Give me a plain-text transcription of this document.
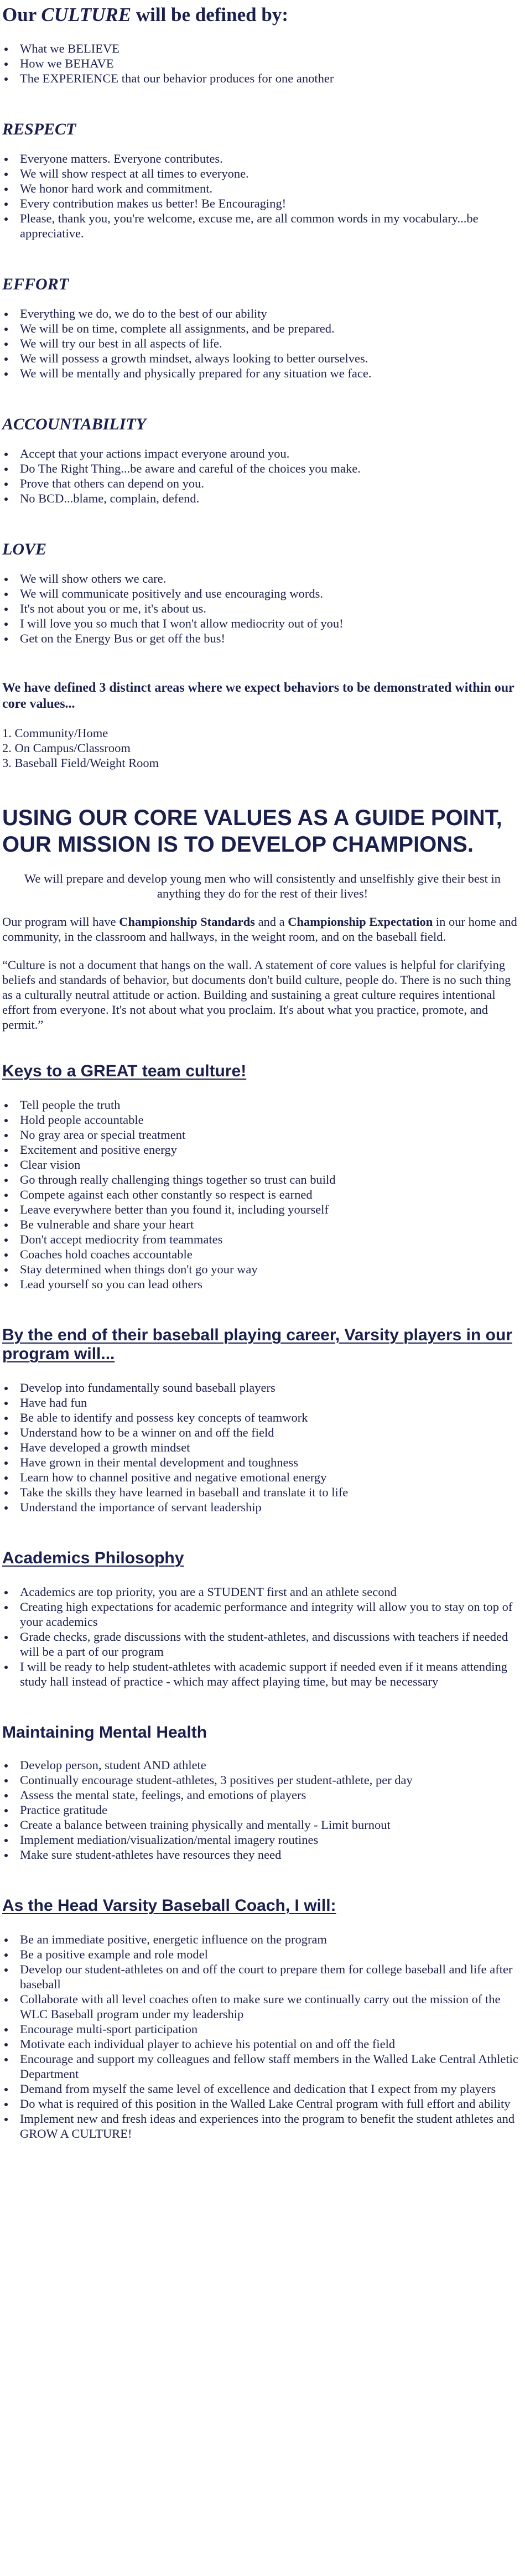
Our CULTURE will be defined by:
What we BELIEVE
How we BEHAVE
The EXPERIENCE that our behavior produces for one another
RESPECT
Everyone matters. Everyone contributes.
We will show respect at all times to everyone.
We honor hard work and commitment.
Every contribution makes us better! Be Encouraging!
Please, thank you, you're welcome, excuse me, are all common words in my vocabulary...be appreciative.
EFFORT
Everything we do, we do to the best of our ability
We will be on time, complete all assignments, and be prepared.
We will try our best in all aspects of life.
We will possess a growth mindset, always looking to better ourselves.
We will be mentally and physically prepared for any situation we face.
ACCOUNTABILITY
Accept that your actions impact everyone around you.
Do The Right Thing...be aware and careful of the choices you make.
Prove that others can depend on you.
No BCD...blame, complain, defend.
LOVE
We will show others we care.
We will communicate positively and use encouraging words.
It's not about you or me, it's about us.
I will love you so much that I won't allow mediocrity out of you!
Get on the Energy Bus or get off the bus!

We have defined 3 distinct areas where we expect behaviors to be demonstrated within our core values...

1. Community/Home
2. On Campus/Classroom
3. Baseball Field/Weight Room
USING OUR CORE VALUES AS A GUIDE POINT, OUR MISSION IS TO DEVELOP CHAMPIONS.

We will prepare and develop young men who will consistently and unselfishly give their best in anything they do for the rest of their lives!

Our program will have Championship Standards and a Championship Expectation in our home and community, in the classroom and hallways, in the weight room, and on the baseball field.

“Culture is not a document that hangs on the wall. A statement of core values is helpful for clarifying beliefs and standards of behavior, but documents don't build culture, people do. There is no such thing as a culturally neutral attitude or action. Building and sustaining a great culture requires intentional effort from everyone. It's not about what you proclaim. It's about what you practice, promote, and permit.”

Keys to a GREAT team culture!
Tell people the truth
Hold people accountable
No gray area or special treatment
Excitement and positive energy
Clear vision
Go through really challenging things together so trust can build
Compete against each other constantly so respect is earned
Leave everywhere better than you found it, including yourself
Be vulnerable and share your heart
Don't accept mediocrity from teammates
Coaches hold coaches accountable
Stay determined when things don't go your way
Lead yourself so you can lead others
By the end of their baseball playing career, Varsity players in our program will...
Develop into fundamentally sound baseball players
Have had fun
Be able to identify and possess key concepts of teamwork
Understand how to be a winner on and off the field
Have developed a growth mindset
Have grown in their mental development and toughness
Learn how to channel positive and negative emotional energy
Take the skills they have learned in baseball and translate it to life
Understand the importance of servant leadership
Academics Philosophy
Academics are top priority, you are a STUDENT first and an athlete second
Creating high expectations for academic performance and integrity will allow you to stay on top of your academics
Grade checks, grade discussions with the student-athletes, and discussions with teachers if needed will be a part of our program
I will be ready to help student-athletes with academic support if needed even if it means attending study hall instead of practice - which may affect playing time, but may be necessary
Maintaining Mental Health
Develop person, student AND athlete
Continually encourage student-athletes, 3 positives per student-athlete, per day
Assess the mental state, feelings, and emotions of players
Practice gratitude
Create a balance between training physically and mentally - Limit burnout
Implement mediation/visualization/mental imagery routines
Make sure student-athletes have resources they need
As the Head Varsity Baseball Coach, I will:
Be an immediate positive, energetic influence on the program
Be a positive example and role model
Develop our student-athletes on and off the court to prepare them for college baseball and life after baseball
Collaborate with all level coaches often to make sure we continually carry out the mission of the WLC Baseball program under my leadership
Encourage multi-sport participation
Motivate each individual player to achieve his potential on and off the field
Encourage and support my colleagues and fellow staff members in the Walled Lake Central Athletic Department
Demand from myself the same level of excellence and dedication that I expect from my players
Do what is required of this position in the Walled Lake Central program with full effort and ability
Implement new and fresh ideas and experiences into the program to benefit the student athletes and GROW A CULTURE!
